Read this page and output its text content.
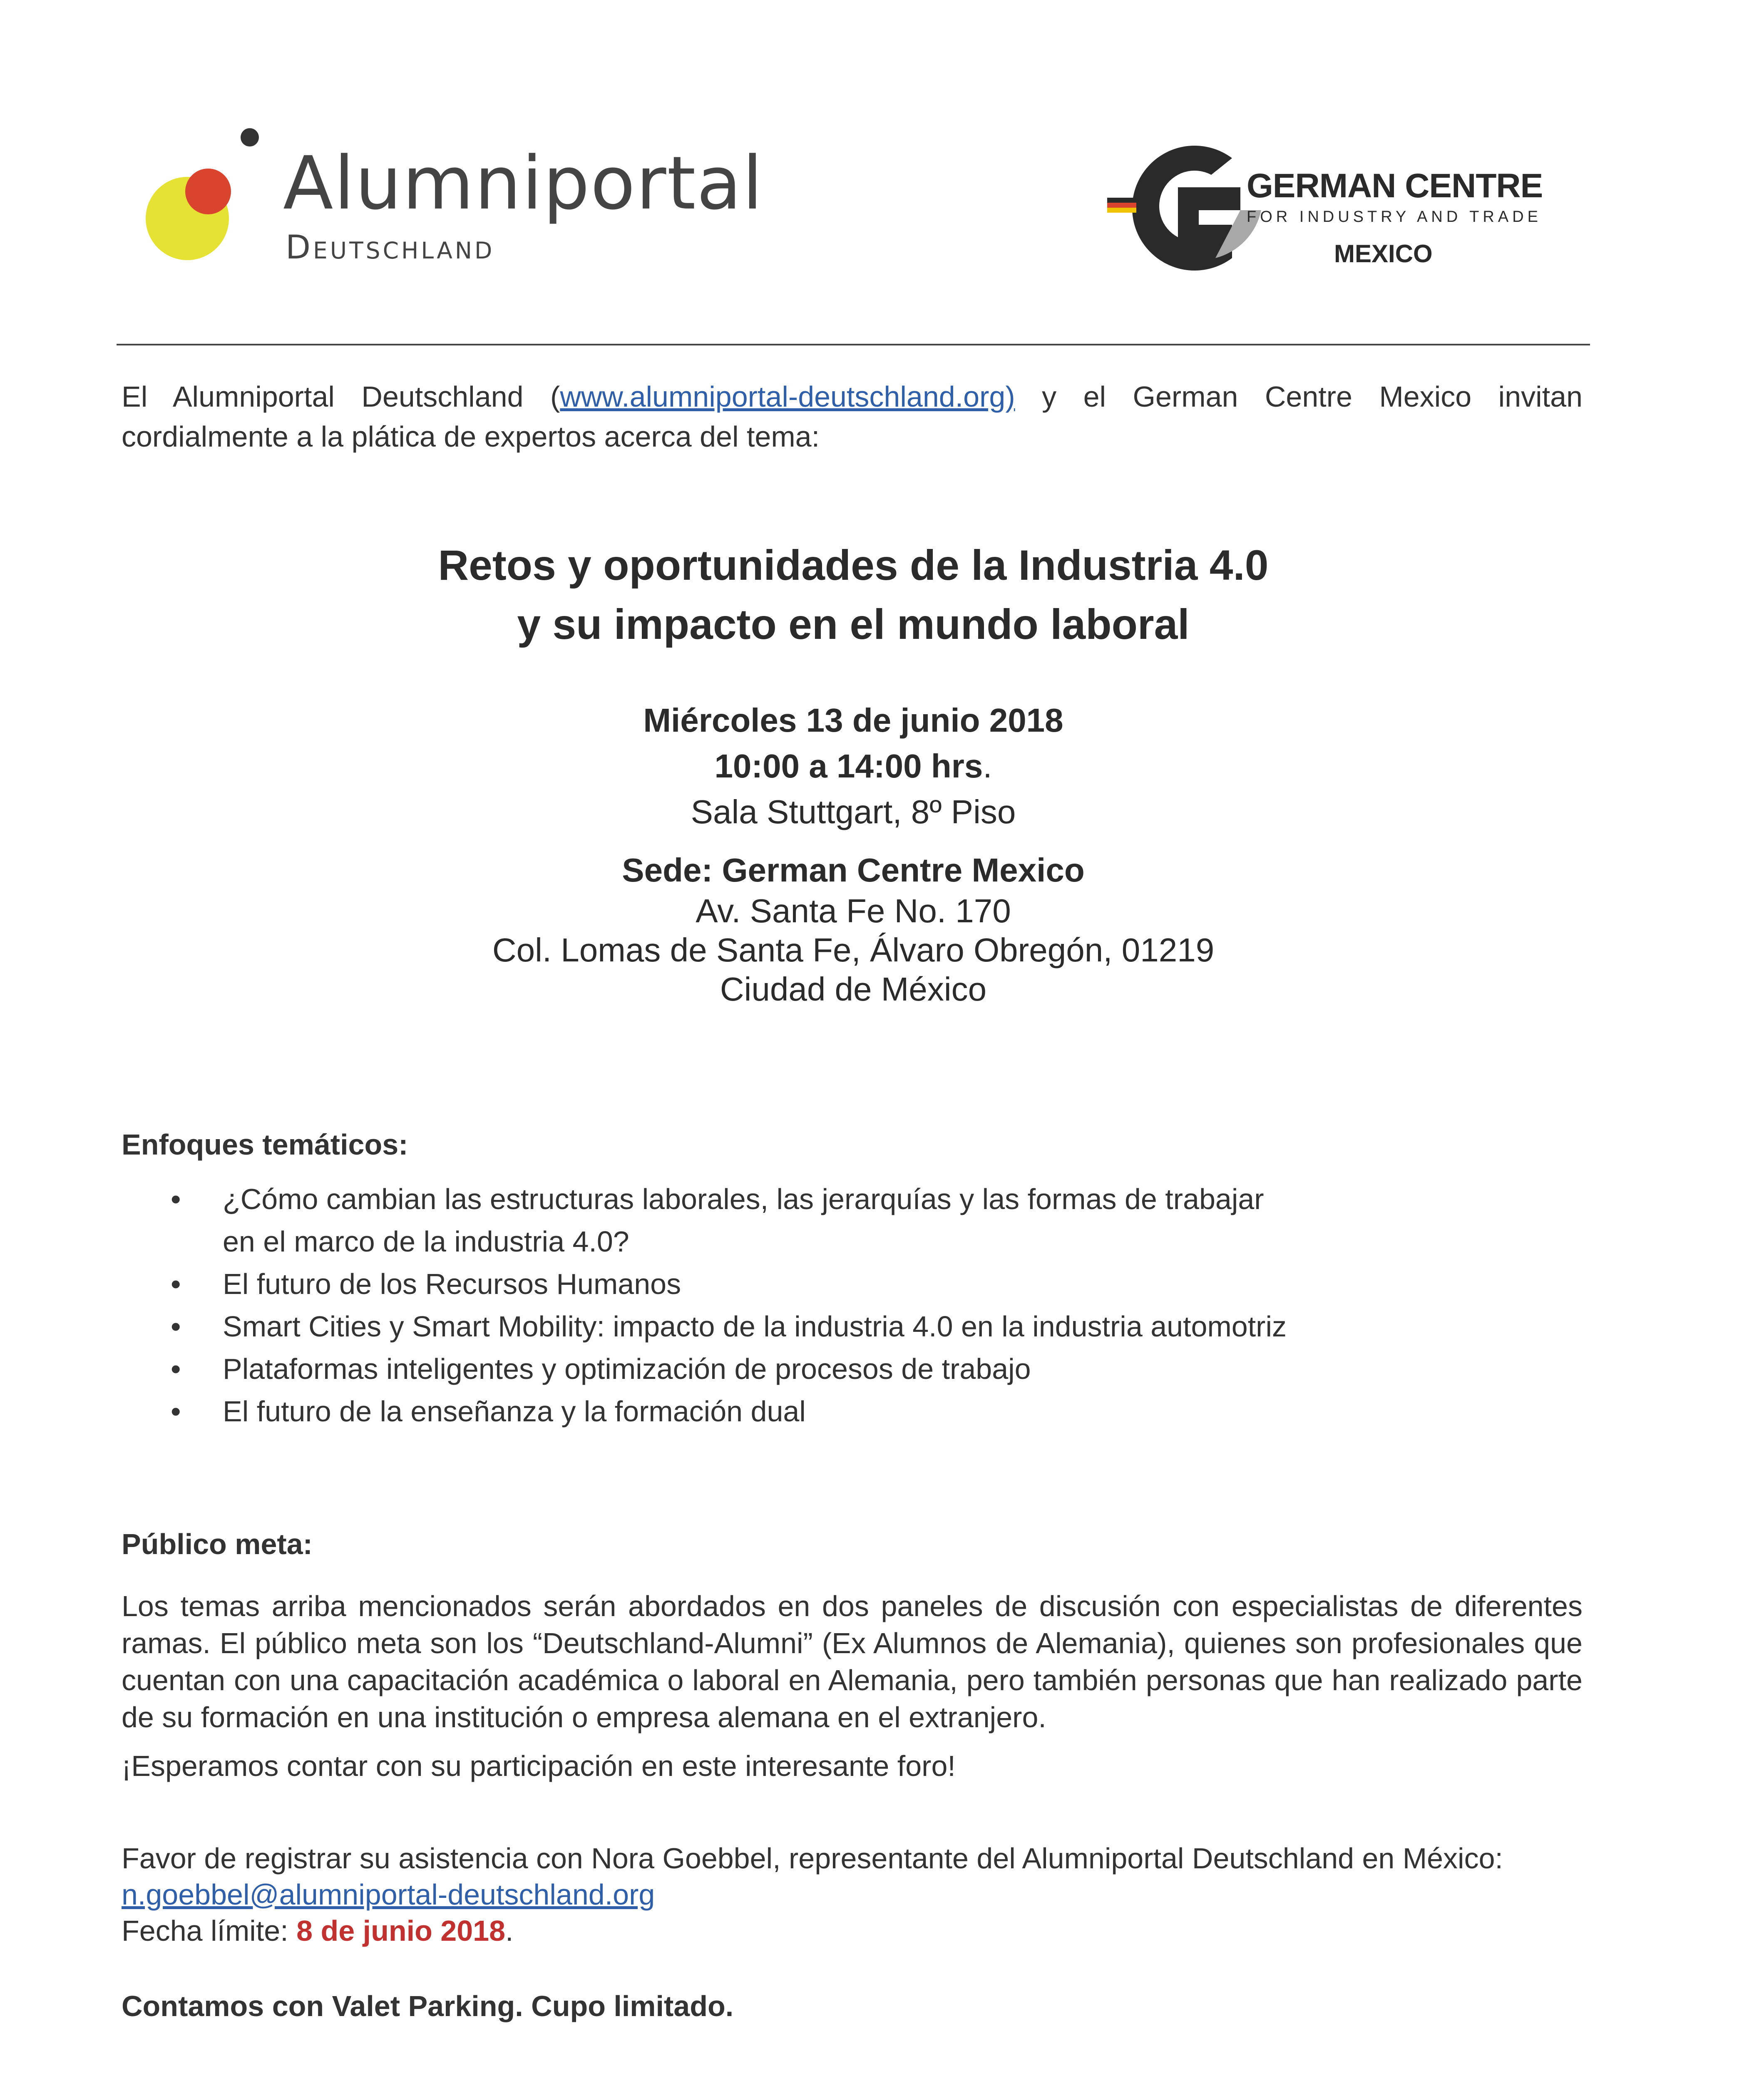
Alumniportal
Deutschland
GERMAN CENTRE
FOR INDUSTRY AND TRADE
MEXICO
El Alumniportal Deutschland (www.alumniportal-deutschland.org) y el German Centre Mexico invitan cordialmente a la plática de expertos acerca del tema:
Retos y oportunidades de la Industria 4.0
y su impacto en el mundo laboral
Miércoles 13 de junio 2018
10:00 a 14:00 hrs.
Sala Stuttgart, 8º Piso
Sede: German Centre Mexico
Av. Santa Fe No. 170
Col. Lomas de Santa Fe, Álvaro Obregón, 01219
Ciudad de México
Enfoques temáticos:
• ¿Cómo cambian las estructuras laborales, las jerarquías y las formas de trabajar
en el marco de la industria 4.0?
• El futuro de los Recursos Humanos
• Smart Cities y Smart Mobility: impacto de la industria 4.0 en la industria automotriz
• Plataformas inteligentes y optimización de procesos de trabajo
• El futuro de la enseñanza y la formación dual
Público meta:
Los temas arriba mencionados serán abordados en dos paneles de discusión con especialistas de diferentes ramas. El público meta son los “Deutschland-Alumni” (Ex Alumnos de Alemania), quienes son profesionales que cuentan con una capacitación académica o laboral en Alemania, pero también personas que han realizado parte de su formación en una institución o empresa alemana en el extranjero.
¡Esperamos contar con su participación en este interesante foro!
Favor de registrar su asistencia con Nora Goebbel, representante del Alumniportal Deutschland en México: n.goebbel@alumniportal-deutschland.org
Fecha límite: 8 de junio 2018.
Contamos con Valet Parking. Cupo limitado.
